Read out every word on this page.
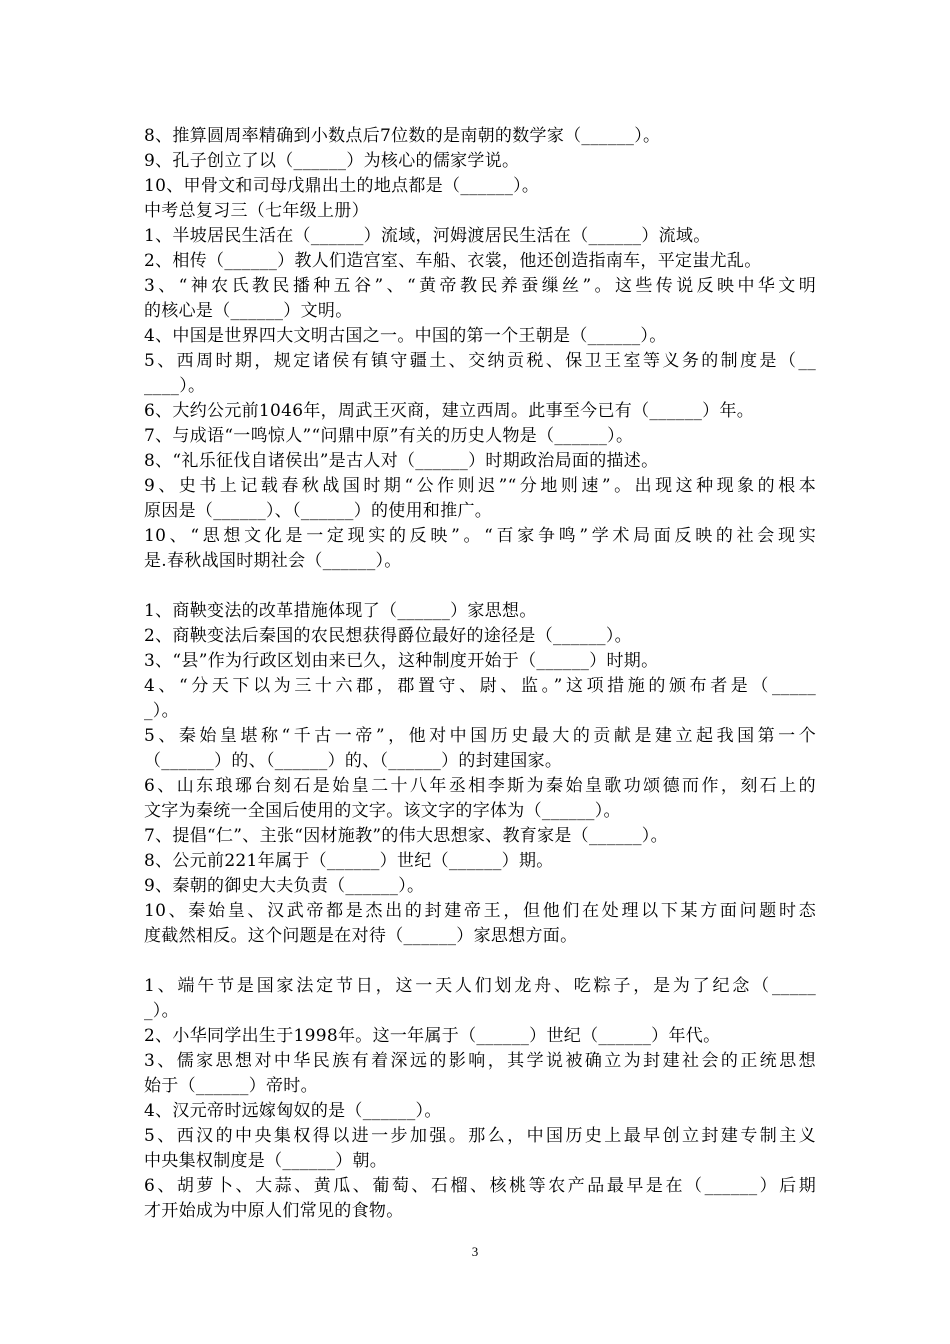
8、推算圆周率精确到小数点后7位数的是南朝的数学家（______）。
9、孔子创立了以（______）为核心的儒家学说。
10、甲骨文和司母戊鼎出土的地点都是（______）。
中考总复习三（七年级上册）
1、半坡居民生活在（______）流域，河姆渡居民生活在（______）流域。
2、相传（______）教人们造宫室、车船、衣裳，他还创造指南车，平定蚩尤乱。
3、“神农氏教民播种五谷”、“黄帝教民养蚕缫丝”。这些传说反映中华文明
的核心是（______）文明。
4、中国是世界四大文明古国之一。中国的第一个王朝是（______）。
5、西周时期，规定诸侯有镇守疆土、交纳贡税、保卫王室等义务的制度是（__
____）。
6、大约公元前1046年，周武王灭商，建立西周。此事至今已有（______）年。
7、与成语“一鸣惊人”“问鼎中原”有关的历史人物是（______）。
8、“礼乐征伐自诸侯出”是古人对（______）时期政治局面的描述。
9、史书上记载春秋战国时期“公作则迟”“分地则速”。出现这种现象的根本
原因是（______）、（______）的使用和推广。
10、“思想文化是一定现实的反映”。“百家争鸣”学术局面反映的社会现实
是.春秋战国时期社会（______）。
1、商鞅变法的改革措施体现了（______）家思想。
2、商鞅变法后秦国的农民想获得爵位最好的途径是（______）。
3、“县”作为行政区划由来已久，这种制度开始于（______）时期。
4、“分天下以为三十六郡，郡置守、尉、监。”这项措施的颁布者是（_____
_）。
5、秦始皇堪称“千古一帝”，他对中国历史最大的贡献是建立起我国第一个
（______）的、（______）的、（______）的封建国家。
6、山东琅琊台刻石是始皇二十八年丞相李斯为秦始皇歌功颂德而作，刻石上的
文字为秦统一全国后使用的文字。该文字的字体为（______）。
7、提倡“仁”、主张“因材施教”的伟大思想家、教育家是（______）。
8、公元前221年属于（______）世纪（______）期。
9、秦朝的御史大夫负责（______）。
10、秦始皇、汉武帝都是杰出的封建帝王，但他们在处理以下某方面问题时态
度截然相反。这个问题是在对待（______）家思想方面。
1、端午节是国家法定节日，这一天人们划龙舟、吃粽子，是为了纪念（_____
_）。
2、小华同学出生于1998年。这一年属于（______）世纪（______）年代。
3、儒家思想对中华民族有着深远的影响，其学说被确立为封建社会的正统思想
始于（______）帝时。
4、汉元帝时远嫁匈奴的是（______）。
5、西汉的中央集权得以进一步加强。那么，中国历史上最早创立封建专制主义
中央集权制度是（______）朝。
6、胡萝卜、大蒜、黄瓜、葡萄、石榴、核桃等农产品最早是在（______）后期
才开始成为中原人们常见的食物。
3
